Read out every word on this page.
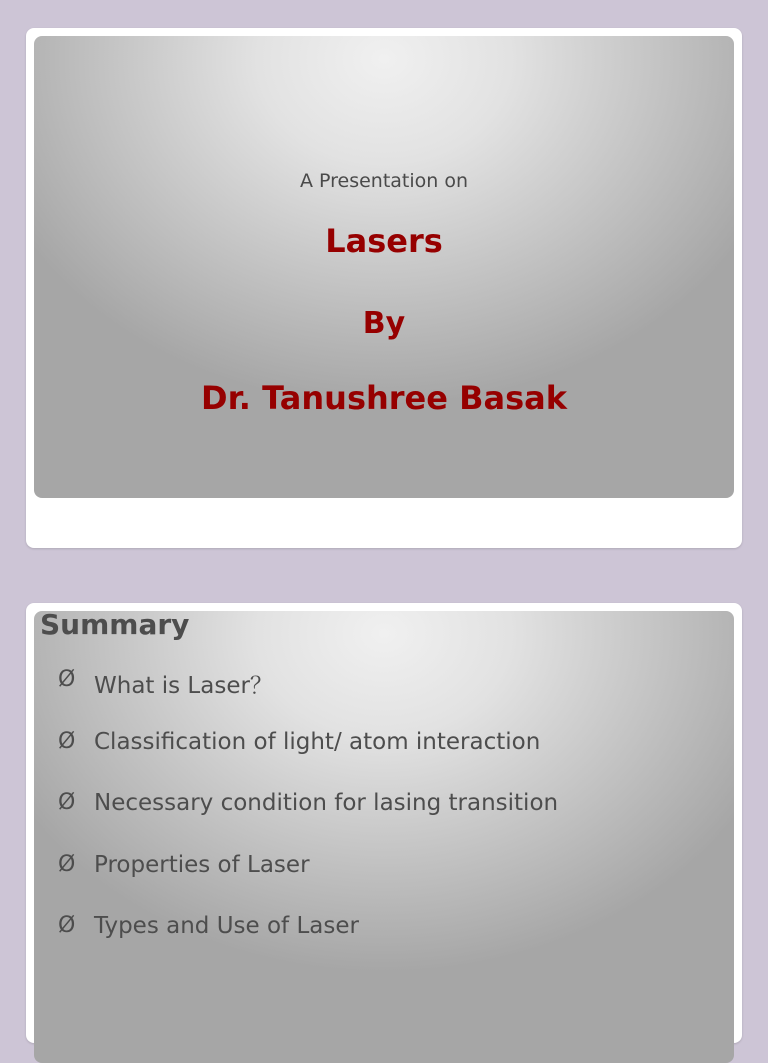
A Presentation on
Lasers
By
Dr. Tanushree Basak
Summary
Ø What is Laser？
Ø Classification of light/ atom interaction
Ø Necessary condition for lasing transition
Ø Properties of Laser
Ø Types and Use of Laser
